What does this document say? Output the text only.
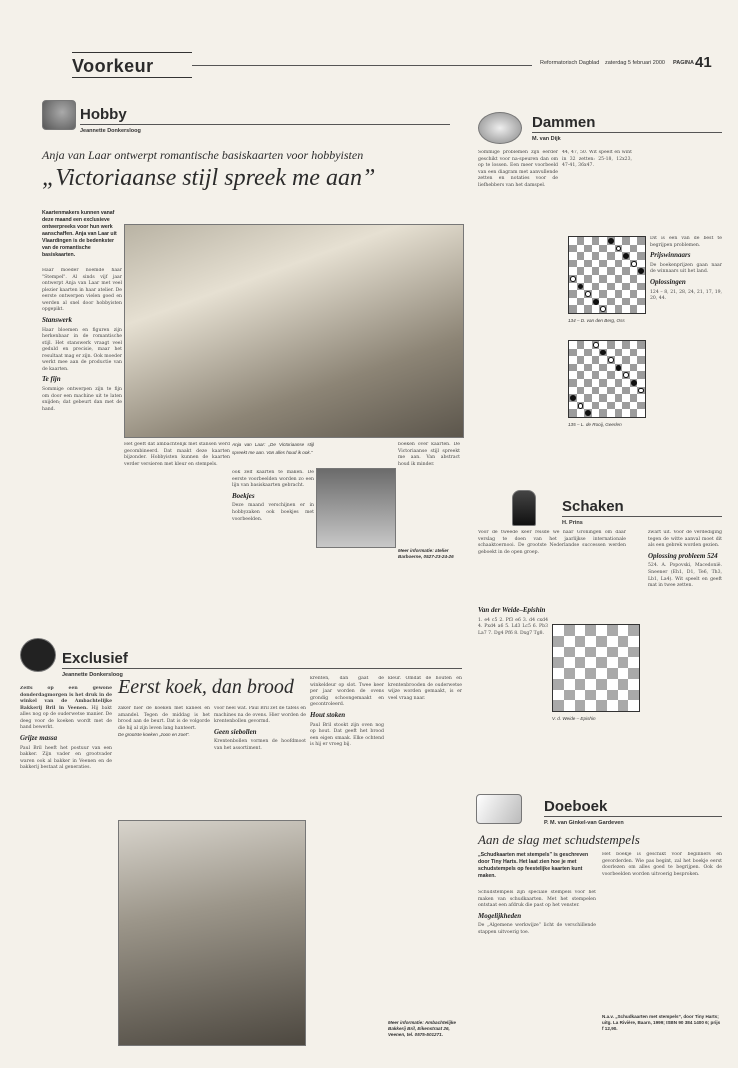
Voorkeur	Reformatorisch Dagblad zaterdag 5 februari 2000 PAGINA 41
Hobby
Jeannette Donkersloog
Anja van Laar ontwerpt romantische basiskaarten voor hobbyisten
„Victoriaanse stijl spreek me aan”
Kaartenmakers kunnen vanaf deze maand een exclusieve ontwerpreeks voor hun werk aanschaffen. Anja van Laar uit Vlaardingen is de bedenkster van de romantische basiskaarten.
Haar moeder noemde haar "Stempel". Al sinds vijf jaar ontwerpt Anja van Laar met veel plezier kaarten in haar atelier. De eerste ontwerpen vielen goed en werden al snel door hobbyisten opgepikt.
Stanswerk
Haar bloemen en figuren zijn herkenbaar in de romantische stijl. Het stanswerk vraagt veel geduld en precisie, maar het resultaat mag er zijn. Ook moeder werkt mee aan de productie van de kaarten.
Te fijn
Sommige ontwerpen zijn te fijn om door een machine uit te laten snijden; dat gebeurt dan met de hand.
Het geeft dat ambachtelijk met stansen werd gecombineerd. Dat maakt deze kaarten bijzonder. Hobbyisten kunnen de kaarten verder versieren met kleur en stempels.
Anja van Laar: „De Victoriaanse stijl spreekt me aan. Van alles houd ik ook.”
ook zelf kaarten te maken. De eerste voorbeelden worden zo een lijn van basiskaarten gebracht.
Boekjes
Deze maand verschijnen er in hobbyzaken ook boekjes met voorbeelden.
boeken over kaarten. De Victoriaanse stijl spreekt me aan. Van abstract houd ik minder.
Meer informatie: atelier Barboerne, 0527-23-24-26
Exclusief
Jeannette Donkersloog
Zelfs op een gewone donderdagmorgen is het druk in de winkel van de Ambachtelijke Bakkerij Bril in Veenen. Hij bakt alles nog op de ouderwetse manier. De deeg voor de koeken wordt met de hand bewerkt.
Grijze massa
Paul Bril heeft het postuur van een bakker. Zijn vader en grootvader waren ook al bakker in Veenen en de bakkerij bestaat al generaties.
Eerst koek, dan brood
zaker hier de koeken met kaneel en amandel. Tegen de middag is het brood aan de beurt. Dat is de volgorde die hij al zijn leven lang hanteert.
De grootste koeken „zoon en zoet”.
voor heel wat. Paul Bril zet de tafels en machines na de ovens. Hier worden de krentenbollen gevormd.
Geen siebollen
Krentenbollen vormen de hoofdmoot van het assortiment.
krenten, dan gaat de winkeldeur op slot. Twee keer per jaar worden de ovens grondig schoongemaakt en gecontroleerd.
Hout stoken
Paul Bril stookt zijn oven nog op hout. Dat geeft het brood een eigen smaak. Elke ochtend is hij er vroeg bij.
kleur. Omdat de houten en krentenbrooden de ouderwetse wijze worden gemaakt, is er veel vraag naar.
Meer informatie: Ambachtelijke Bakkerij Bril, Eikenstraat 26, Veenen, tel. 0575-501271.
Dammen
M. van Dijk
Sommige problemen zijn eerder geschikt voor na-speuren dan om op te lossen. Een meer voorbeeld van een diagram met aanvullende zetten en notaties voor de liefhebbers van het damspel.
44, 47, 50. Wit speelt en wint in 32 zetten: 25-18, 12x23, 47-41, 36x47.
134 – D. van den Berg, Oss
135 – L. de Rooij, Geerlen
Dit is een van de best te begrijpen problemen.
Prijswinnaars
De boekenprijzen gaan naar de winnaars uit het land.
Oplossingen
124 – 8, 21, 28, 24, 21, 17, 19, 20, 44.
Schaken
H. Prins
Voor de tweede keer reisde we naar Groningen om daar verslag te doen van het jaarlijkse internationale schaaktoernooi. De grootste Nederlandse successen werden geboekt in de open groep.
Van der Weide–Epishin
1. e4 c5 2. Pf3 e6 3. d4 cxd4 4. Pxd4 a6 5. Ld3 Lc5 6. Pb3 La7 7. Dg4 Pf6 8. Dxg7 Tg8.
V. d. Weide – Epishin
zwart uit. Voor de verdediging tegen de witte aanval moet dit als een gebrek worden gezien.
Oplossing probleem 524
524. A. Popovski, Macedonië. Sneener (Eh1, D1, Te6, Th3, Lb1, La4). Wit speelt en geeft mat in twee zetten.
Doeboek
P. M. van Ginkel-van Gardeven
Aan de slag met schudstempels
„Schudkaarten met stempels” is geschreven door Tiny Harts. Het laat zien hoe je met schudstempels op feestelijke kaarten kunt maken.
Schudstempels zijn speciale stempels voor het maken van schudkaarten. Met het stempelen ontstaat een afdruk die past op het venster.
Mogelijkheden
De „Algemene werkwijze” licht de verschillende stappen uitvoerig toe.
Het boekje is geschikt voor beginners en gevorderden. Wie pas begint, zal het boekje eerst doorlezen om alles goed te begrijpen. Ook de voorbeelden worden uitvoerig besproken.
N.a.v. „Schudkaarten met stempels”, door Tiny Harts; uitg. La Rivière, Baarn, 1999; ISBN 90 384 1400 6; prijs f 12,90.
